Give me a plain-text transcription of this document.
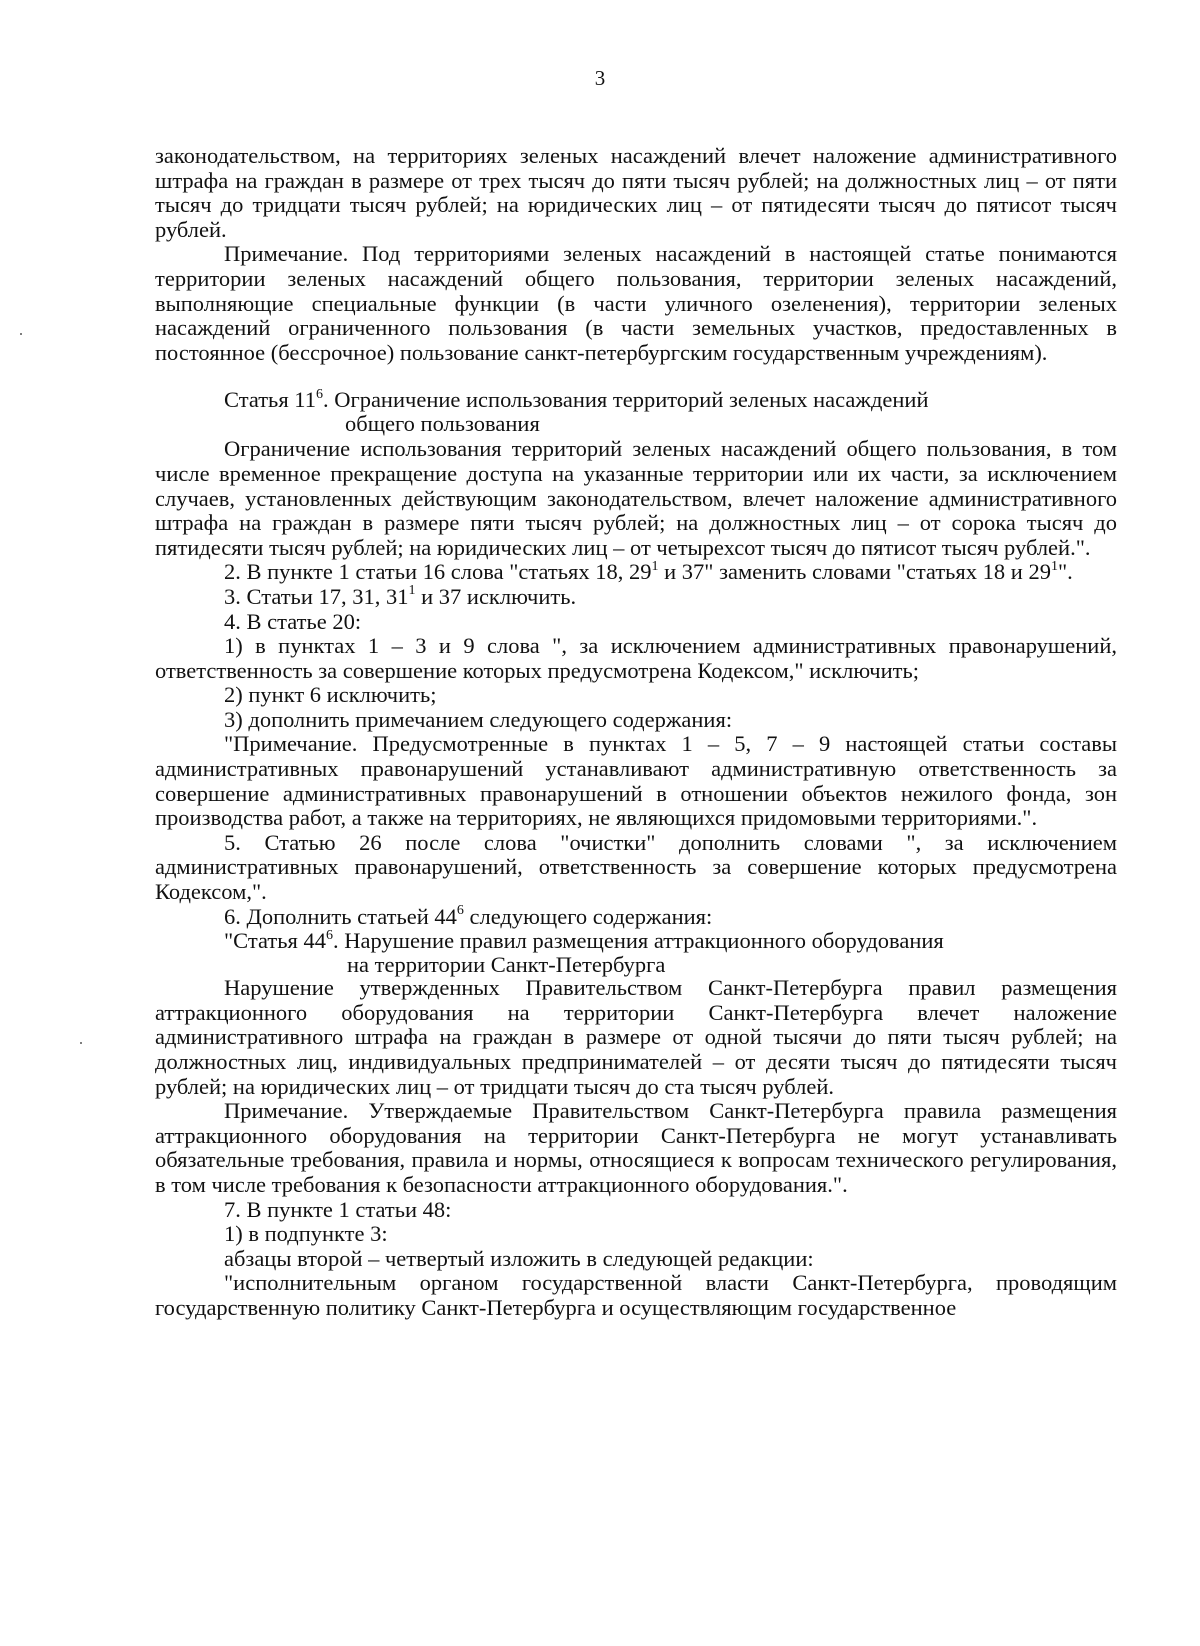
3

законодательством, на территориях зеленых насаждений влечет наложение административного штрафа на граждан в размере от трех тысяч до пяти тысяч рублей; на должностных лиц – от пяти тысяч до тридцати тысяч рублей; на юридических лиц – от пятидесяти тысяч до пятисот тысяч рублей.

Примечание. Под территориями зеленых насаждений в настоящей статье понимаются территории зеленых насаждений общего пользования, территории зеленых насаждений, выполняющие специальные функции (в части уличного озеленения), территории зеленых насаждений ограниченного пользования (в части земельных участков, предоставленных в постоянное (бессрочное) пользование санкт-петербургским государственным учреждениям).

Статья $11^6$. Ограничение использования территорий зеленых насаждений
общего пользования

Ограничение использования территорий зеленых насаждений общего пользования, в том числе временное прекращение доступа на указанные территории или их части, за исключением случаев, установленных действующим законодательством, влечет наложение административного штрафа на граждан в размере пяти тысяч рублей; на должностных лиц – от сорока тысяч до пятидесяти тысяч рублей; на юридических лиц – от четырехсот тысяч до пятисот тысяч рублей.".

2. В пункте 1 статьи 16 слова "статьях 18, $29^1$ и 37" заменить словами "статьях 18 и $29^1$".

3. Статьи 17, 31, $31^1$ и 37 исключить.

4. В статье 20:

1) в пунктах 1 – 3 и 9 слова ", за исключением административных правонарушений, ответственность за совершение которых предусмотрена Кодексом," исключить;

2) пункт 6 исключить;

3) дополнить примечанием следующего содержания:

"Примечание. Предусмотренные в пунктах 1 – 5, 7 – 9 настоящей статьи составы административных правонарушений устанавливают административную ответственность за совершение административных правонарушений в отношении объектов нежилого фонда, зон производства работ, а также на территориях, не являющихся придомовыми территориями.".

5. Статью 26 после слова "очистки" дополнить словами ", за исключением административных правонарушений, ответственность за совершение которых предусмотрена Кодексом,".

6. Дополнить статьей $44^6$ следующего содержания:

"Статья $44^6$. Нарушение правил размещения аттракционного оборудования
на территории Санкт-Петербурга

Нарушение утвержденных Правительством Санкт-Петербурга правил размещения аттракционного оборудования на территории Санкт-Петербурга влечет наложение административного штрафа на граждан в размере от одной тысячи до пяти тысяч рублей; на должностных лиц, индивидуальных предпринимателей – от десяти тысяч до пятидесяти тысяч рублей; на юридических лиц – от тридцати тысяч до ста тысяч рублей.

Примечание. Утверждаемые Правительством Санкт-Петербурга правила размещения аттракционного оборудования на территории Санкт-Петербурга не могут устанавливать обязательные требования, правила и нормы, относящиеся к вопросам технического регулирования, в том числе требования к безопасности аттракционного оборудования.".

7. В пункте 1 статьи 48:

1) в подпункте 3:

абзацы второй – четвертый изложить в следующей редакции:

"исполнительным органом государственной власти Санкт-Петербурга, проводящим государственную политику Санкт-Петербурга и осуществляющим государственное
